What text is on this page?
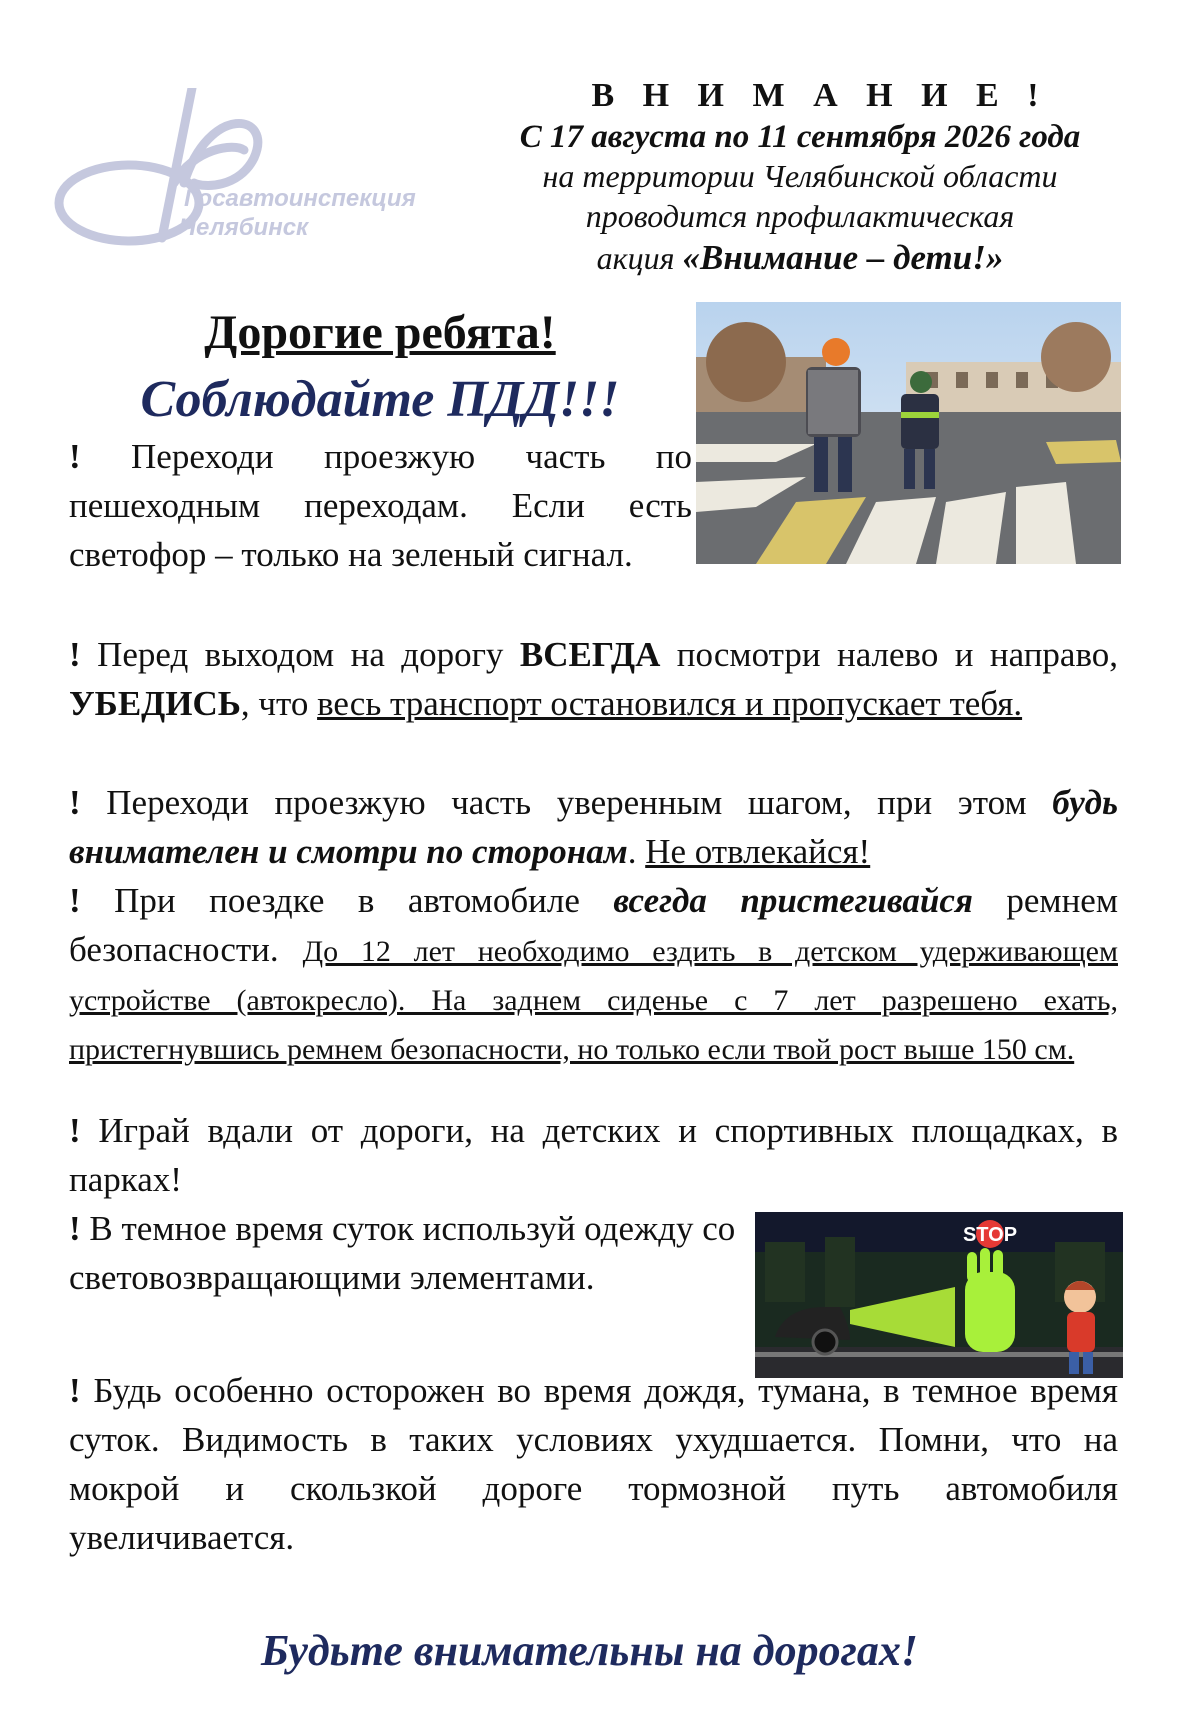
Госавтоинспекция
Челябинск
В Н И М А Н И Е !
С 17 августа по 11 сентября 2026 года
на территории Челябинской области
проводится профилактическая
акция «Внимание – дети!»
Дорогие ребята!
Соблюдайте ПДД!!!
! Переходи проезжую часть по пешеходным переходам. Если есть светофор – только на зеленый сигнал.
! Перед выходом на дорогу ВСЕГДА посмотри налево и направо, УБЕДИСЬ, что весь транспорт остановился и пропускает тебя.
! Переходи проезжую часть уверенным шагом, при этом будь внимателен и смотри по сторонам. Не отвлекайся!
! При поездке в автомобиле всегда пристегивайся ремнем безопасности. До 12 лет необходимо ездить в детском удерживающем устройстве (автокресло). На заднем сиденье с 7 лет разрешено ехать, пристегнувшись ремнем безопасности, но только если твой рост выше 150 см.
! Играй вдали от дороги, на детских и спортивных площадках, в парках!
STOP
! В темное время суток используй одежду со световозвращающими элементами.
! Будь особенно осторожен во время дождя, тумана, в темное время суток. Видимость в таких условиях ухудшается. Помни, что на мокрой и скользкой дороге тормозной путь автомобиля увеличивается.
Будьте внимательны на дорогах!
